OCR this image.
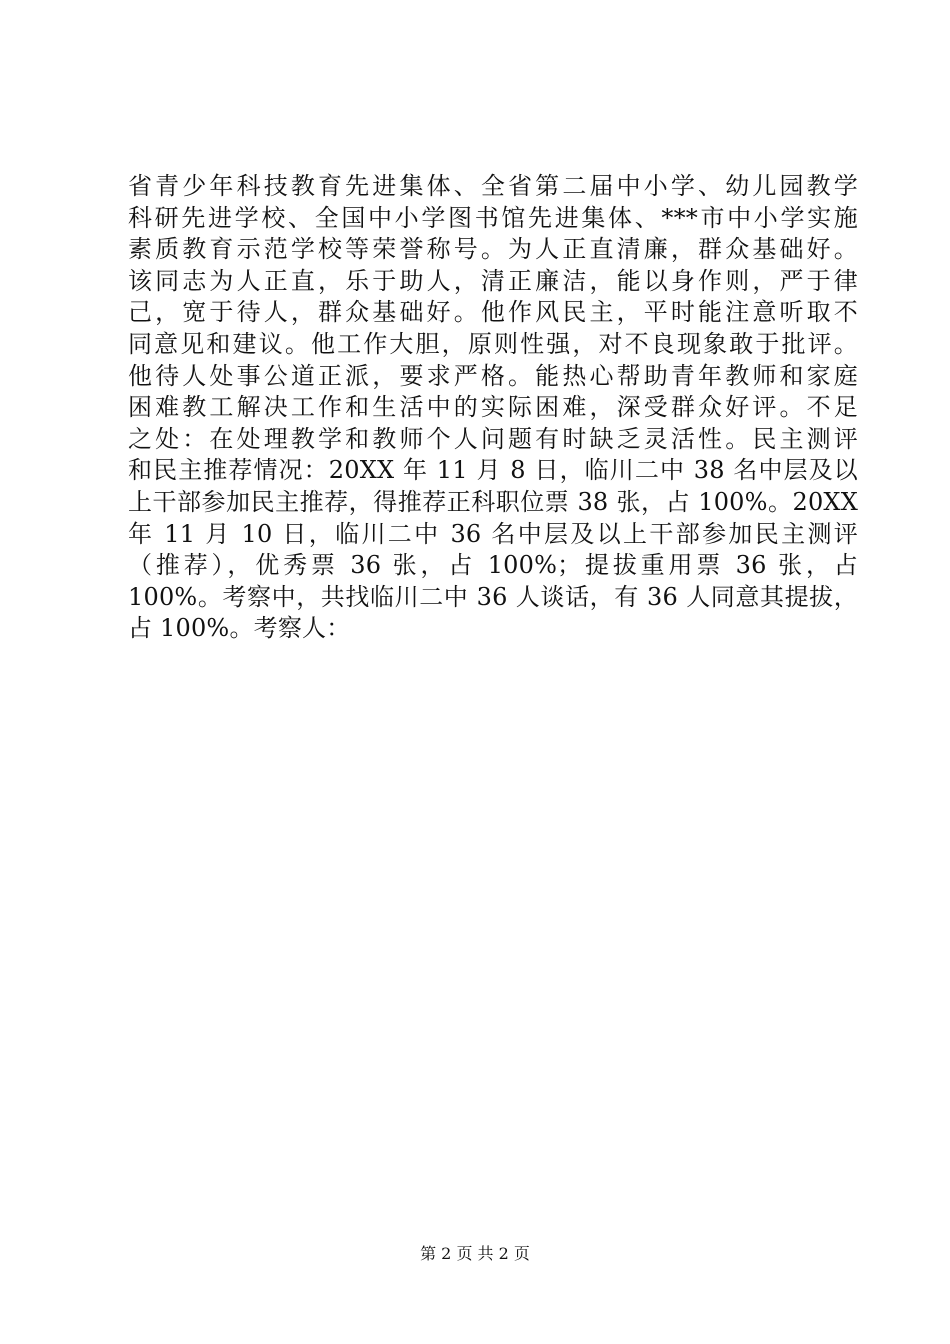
省青少年科技教育先进集体、全省第二届中小学、幼儿园教学
科研先进学校、全国中小学图书馆先进集体、***市中小学实施
素质教育示范学校等荣誉称号。为人正直清廉，群众基础好。
该同志为人正直，乐于助人，清正廉洁，能以身作则，严于律
己，宽于待人，群众基础好。他作风民主，平时能注意听取不
同意见和建议。他工作大胆，原则性强，对不良现象敢于批评。
他待人处事公道正派，要求严格。能热心帮助青年教师和家庭
困难教工解决工作和生活中的实际困难，深受群众好评。不足
之处：在处理教学和教师个人问题有时缺乏灵活性。民主测评
和民主推荐情况：20XX 年 11 月 8 日，临川二中 38 名中层及以
上干部参加民主推荐，得推荐正科职位票 38 张，占 100%。20XX
年 11 月 10 日，临川二中 36 名中层及以上干部参加民主测评
（推荐），优秀票 36 张，占 100%；提拔重用票 36 张，占
100%。考察中，共找临川二中 36 人谈话，有 36 人同意其提拔，
占 100%。考察人：
第 2 页 共 2 页
